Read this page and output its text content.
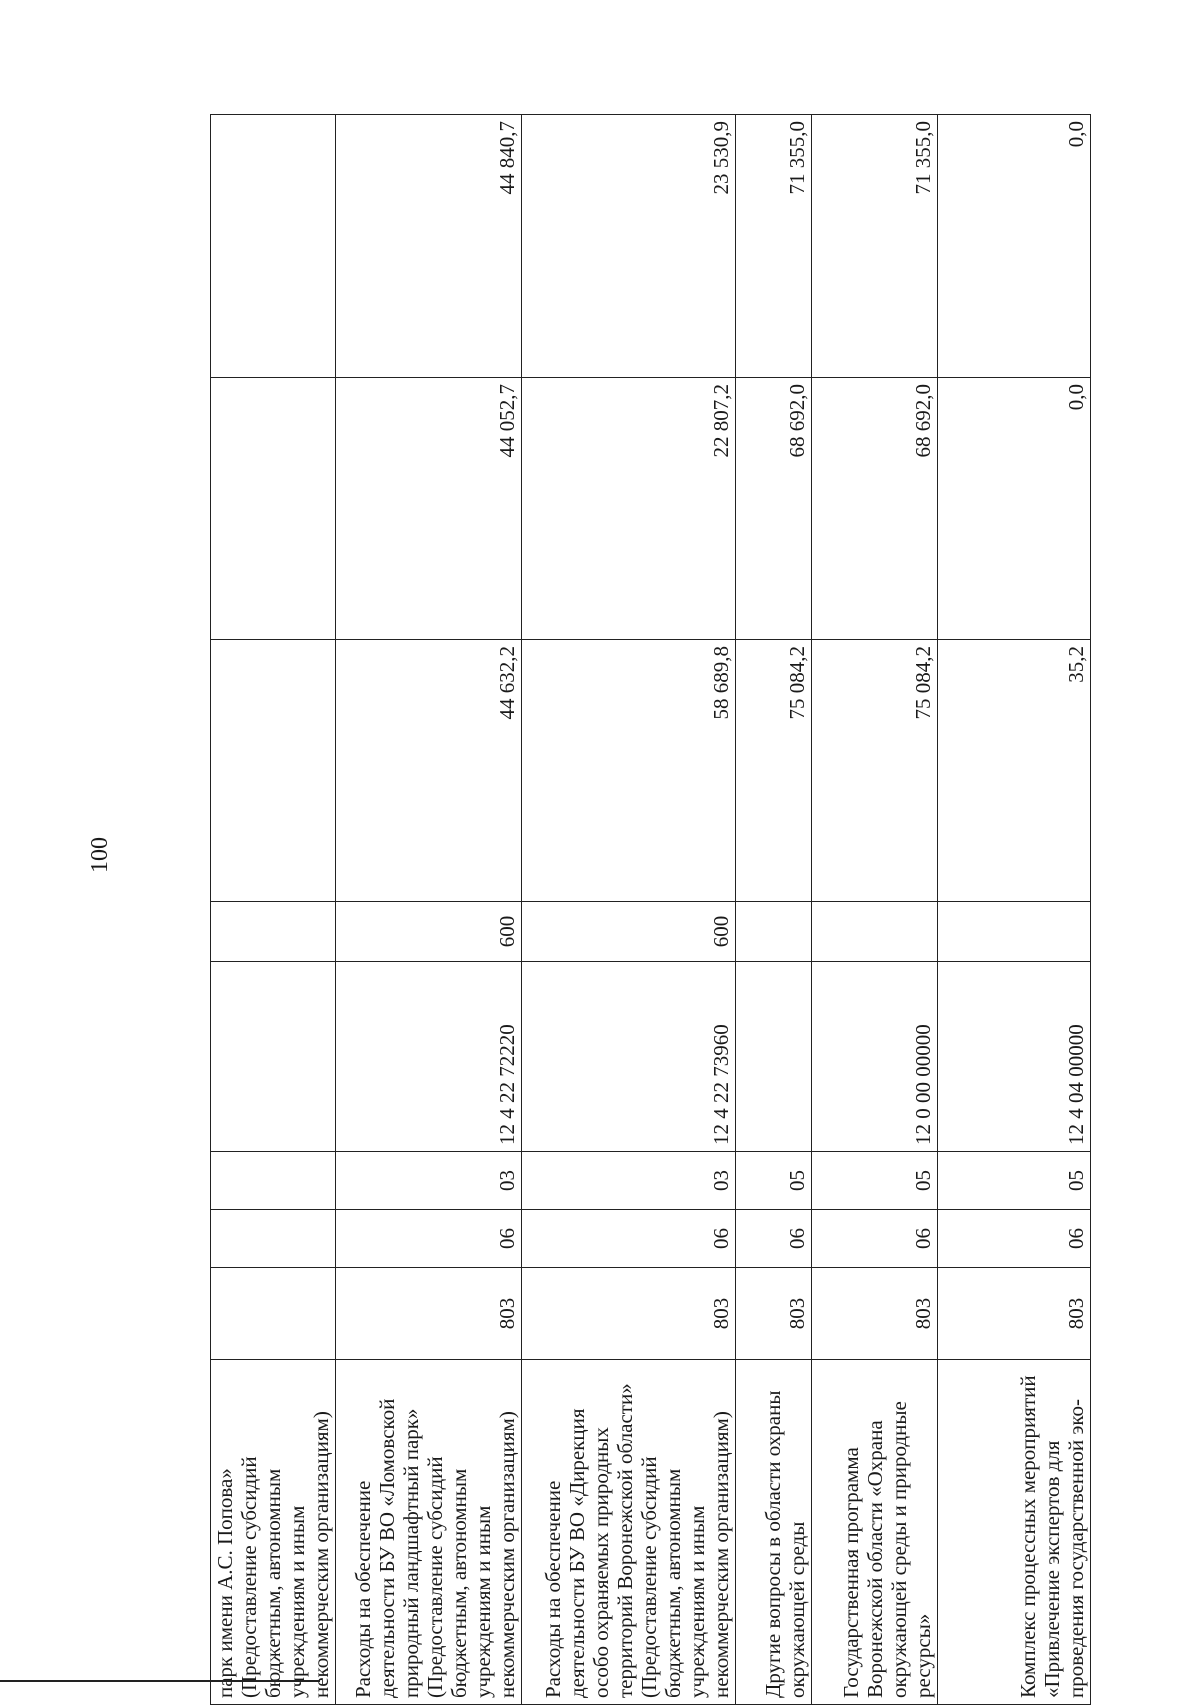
100
парк имени А.С. Попова» (Предоставление субсидий бюджетным, автономным учреждениям и иным некоммерческим организациям)								
Расходы на обеспечение деятельности БУ ВО «Ломовской природный ландшафтный парк» (Предоставление субсидий бюджетным, автономным учреждениям и иным некоммерческим организациям)	803	06	03	12 4 22 72220	600	44 632,2	44 052,7	44 840,7
Расходы на обеспечение деятельности БУ ВО «Дирекция особо охраняемых природных территорий Воронежской области» (Предоставление субсидий бюджетным, автономным учреждениям и иным некоммерческим организациям)	803	06	03	12 4 22 73960	600	58 689,8	22 807,2	23 530,9
Другие вопросы в области охраны окружающей среды	803	06	05			75 084,2	68 692,0	71 355,0
Государственная программа Воронежской области «Охрана окружающей среды и природные ресурсы»	803	06	05	12 0 00 00000		75 084,2	68 692,0	71 355,0
Комплекс процессных мероприятий «Привлечение экспертов для проведения государственной эко-	803	06	05	12 4 04 00000		35,2	0,0	0,0
